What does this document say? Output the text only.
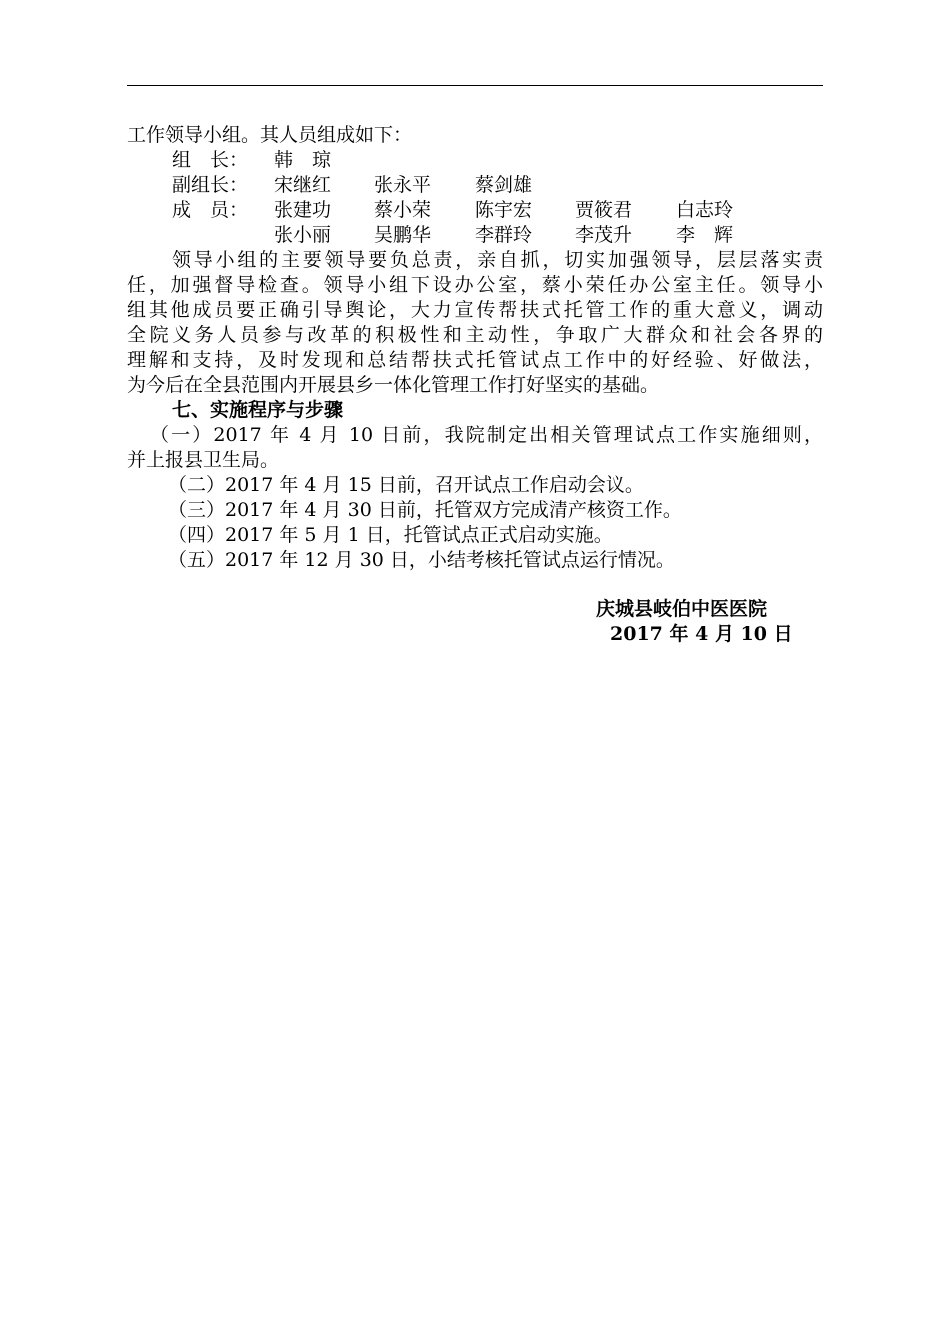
工作领导小组。其人员组成如下：
组　长： 韩　琼
副组长： 宋继红 张永平 蔡剑雄
成　员： 张建功 蔡小荣 陈宇宏 贾筱君 白志玲
张小丽 吴鹏华 李群玲 李茂升 李　辉
领导小组的主要领导要负总责，亲自抓，切实加强领导，层层落实责
任，加强督导检查。领导小组下设办公室，蔡小荣任办公室主任。领导小
组其他成员要正确引导舆论，大力宣传帮扶式托管工作的重大意义，调动
全院义务人员参与改革的积极性和主动性，争取广大群众和社会各界的
理解和支持，及时发现和总结帮扶式托管试点工作中的好经验、好做法，
为今后在全县范围内开展县乡一体化管理工作打好坚实的基础。
七、实施程序与步骤
（一）2017 年 4 月 10 日前，我院制定出相关管理试点工作实施细则，
并上报县卫生局。
（二）2017 年 4 月 15 日前，召开试点工作启动会议。
（三）2017 年 4 月 30 日前，托管双方完成清产核资工作。
（四）2017 年 5 月 1 日，托管试点正式启动实施。
（五）2017 年 12 月 30 日，小结考核托管试点运行情况。
庆城县岐伯中医医院
2017 年 4 月 10 日
